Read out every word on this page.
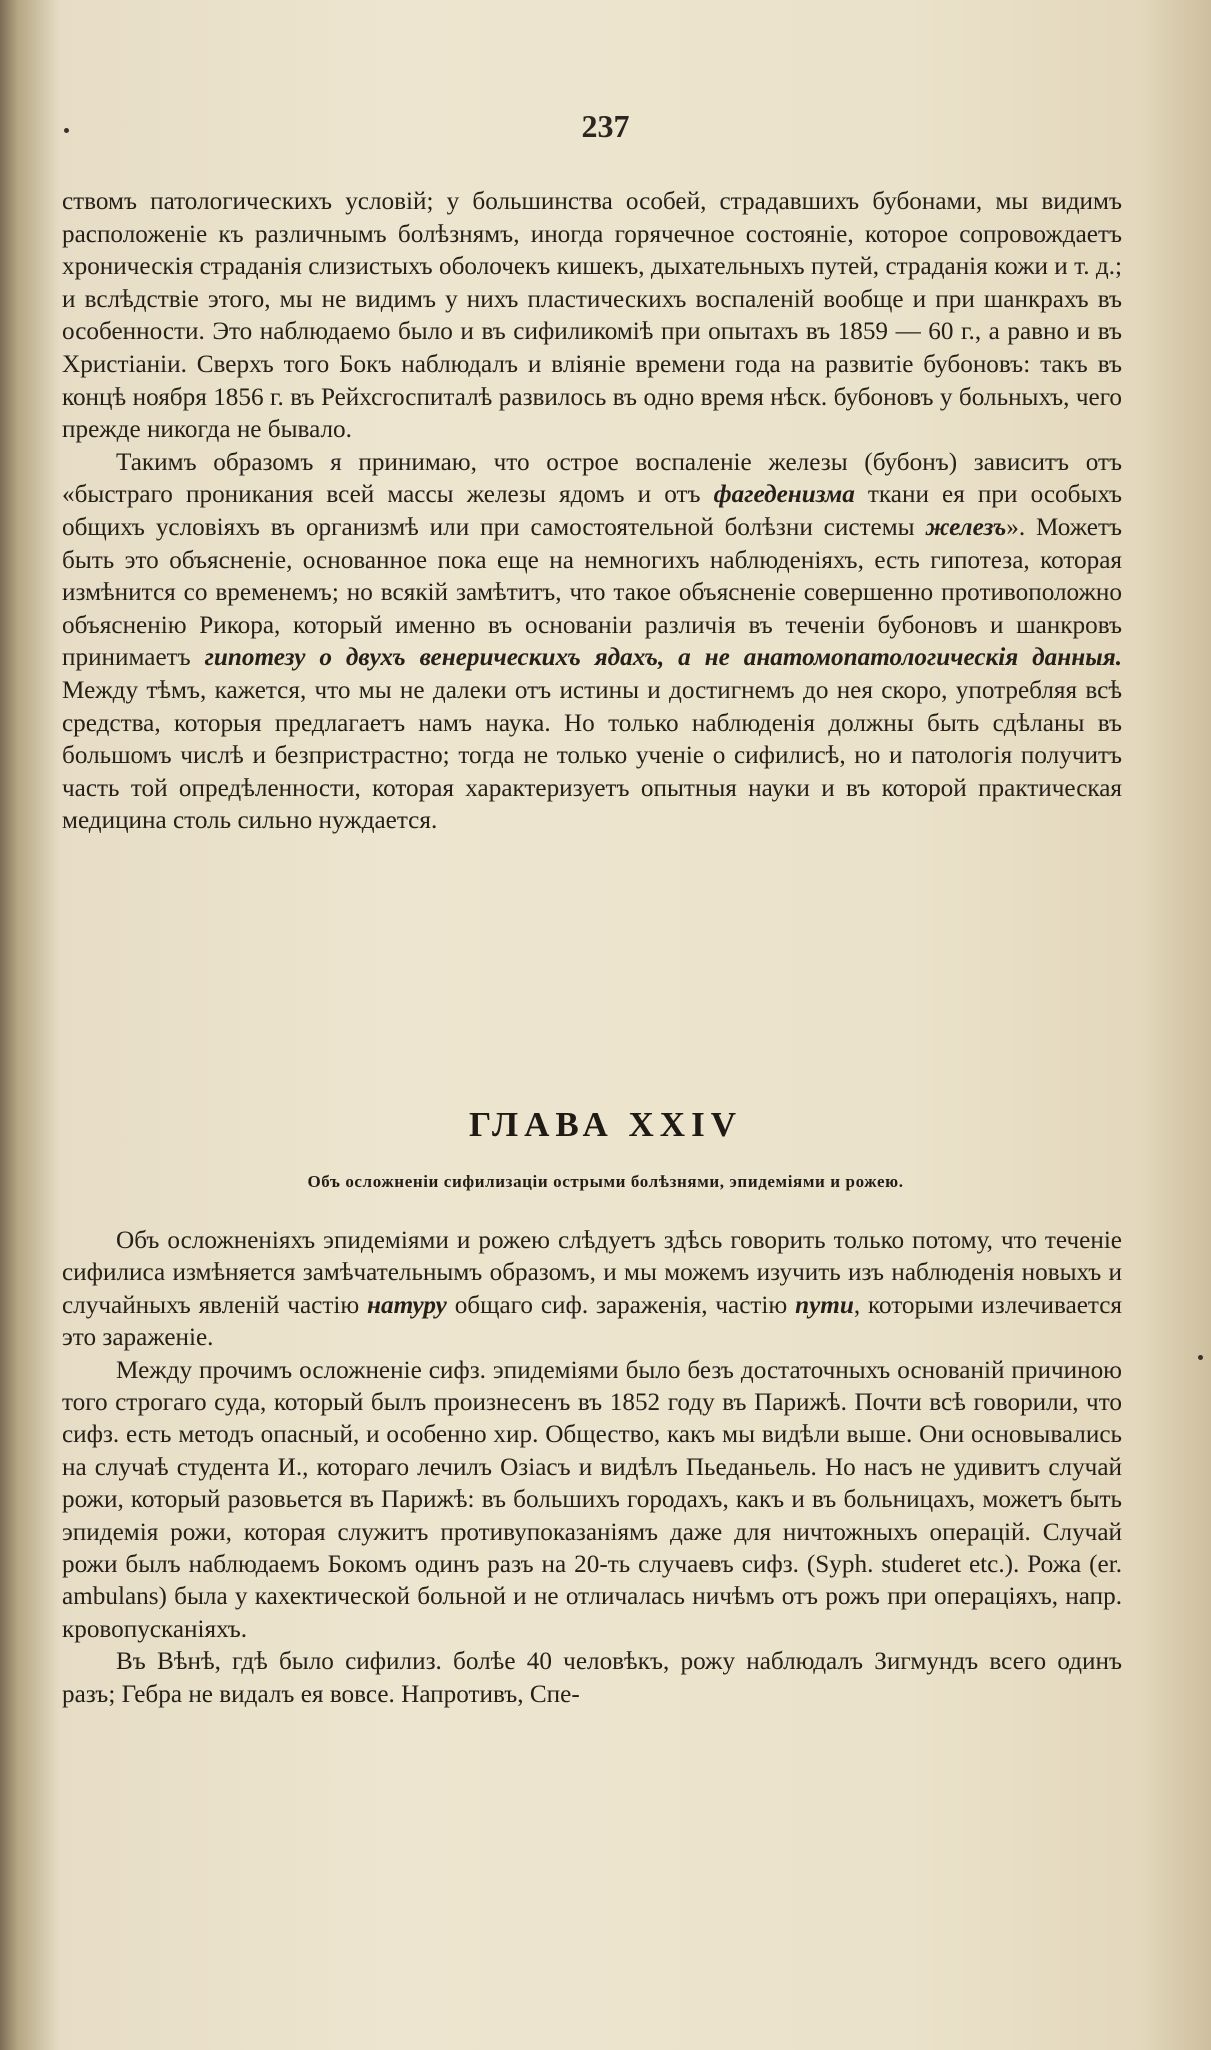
237

ствомъ патологическихъ условій; у большинства особей, страдавшихъ бубонами, мы видимъ расположеніе къ различнымъ болѣзнямъ, иногда горячечное состояніе, которое сопровождаетъ хроническія страданія слизистыхъ оболочекъ кишекъ, дыхательныхъ путей, страданія кожи и т. д.; и вслѣдствіе этого, мы не видимъ у нихъ пластическихъ воспаленій вообще и при шанкрахъ въ особенности. Это наблюдаемо было и въ сифиликоміѣ при опытахъ въ 1859 — 60 г., а равно и въ Христіаніи. Сверхъ того Бокъ наблюдалъ и вліяніе времени года на развитіе бубоновъ: такъ въ концѣ ноября 1856 г. въ Рейхсгоспиталѣ развилось въ одно время нѣск. бубоновъ у больныхъ, чего прежде никогда не бывало.

Такимъ образомъ я принимаю, что острое воспаленіе железы (бубонъ) зависитъ отъ «быстраго проникания всей массы железы ядомъ и отъ фагеденизма ткани ея при особыхъ общихъ условіяхъ въ организмѣ или при самостоятельной болѣзни системы железъ». Можетъ быть это объясненіе, основанное пока еще на немногихъ наблюденіяхъ, есть гипотеза, которая измѣнится со временемъ; но всякій замѣтитъ, что такое объясненіе совершенно противоположно объясненію Рикора, который именно въ основаніи различія въ теченіи бубоновъ и шанкровъ принимаетъ гипотезу о двухъ венерическихъ ядахъ, а не анатомопатологическія данныя. Между тѣмъ, кажется, что мы не далеки отъ истины и достигнемъ до нея скоро, употребляя всѣ средства, которыя предлагаетъ намъ наука. Но только наблюденія должны быть сдѣланы въ большомъ числѣ и безпристрастно; тогда не только ученіе о сифилисѣ, но и патологія получитъ часть той опредѣленности, которая характеризуетъ опытныя науки и въ которой практическая медицина столь сильно нуждается.

ГЛАВА XXIV
Объ осложненіи сифилизаціи острыми болѣзнями, эпидеміями и рожею.

Объ осложненіяхъ эпидеміями и рожею слѣдуетъ здѣсь говорить только потому, что теченіе сифилиса измѣняется замѣчательнымъ образомъ, и мы можемъ изучить изъ наблюденія новыхъ и случайныхъ явленій частію натуру общаго сиф. зараженія, частію пути, которыми излечивается это зараженіе.

Между прочимъ осложненіе сифз. эпидеміями было безъ достаточныхъ основаній причиною того строгаго суда, который былъ произнесенъ въ 1852 году въ Парижѣ. Почти всѣ говорили, что сифз. есть методъ опасный, и особенно хир. Общество, какъ мы видѣли выше. Они основывались на случаѣ студента И., котораго лечилъ Озіасъ и видѣлъ Пьеданьель. Но насъ не удивитъ случай рожи, который разовьется въ Парижѣ: въ большихъ городахъ, какъ и въ больницахъ, можетъ быть эпидемія рожи, которая служитъ противупоказаніямъ даже для ничтожныхъ операцій. Случай рожи былъ наблюдаемъ Бокомъ одинъ разъ на 20-ть случаевъ сифз. (Syph. studeret etc.). Рожа (er. ambulans) была у кахектической больной и не отличалась ничѣмъ отъ рожъ при операціяхъ, напр. кровопусканіяхъ.

Въ Вѣнѣ, гдѣ было сифилиз. болѣе 40 человѣкъ, рожу наблюдалъ Зигмундъ всего одинъ разъ; Гебра не видалъ ея вовсе. Напротивъ, Спе-
